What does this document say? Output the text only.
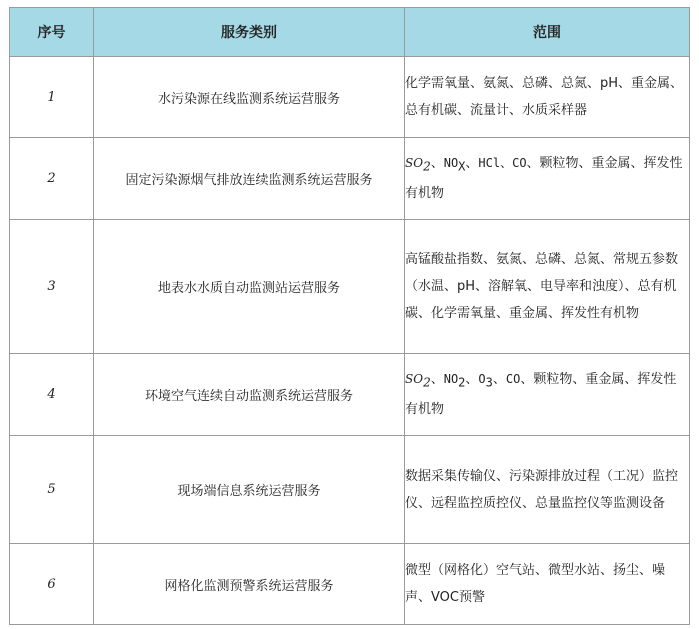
序号	服务类别	范围
1	水污染源在线监测系统运营服务	化学需氧量、氨氮、总磷、总氮、pH、重金属、总有机碳、流量计、水质采样器
2	固定污染源烟气排放连续监测系统运营服务	$SO_2$、$NO_X$、HCl、CO、颗粒物、重金属、挥发性有机物
3	地表水水质自动监测站运营服务	高锰酸盐指数、氨氮、总磷、总氮、常规五参数（水温、pH、溶解氧、电导率和浊度）、总有机碳、化学需氧量、重金属、挥发性有机物
4	环境空气连续自动监测系统运营服务	$SO_2$、$NO_2$、$O_3$、CO、颗粒物、重金属、挥发性有机物
5	现场端信息系统运营服务	数据采集传输仪、污染源排放过程（工况）监控仪、远程监控质控仪、总量监控仪等监测设备
6	网格化监测预警系统运营服务	微型（网格化）空气站、微型水站、扬尘、噪声、VOC预警
